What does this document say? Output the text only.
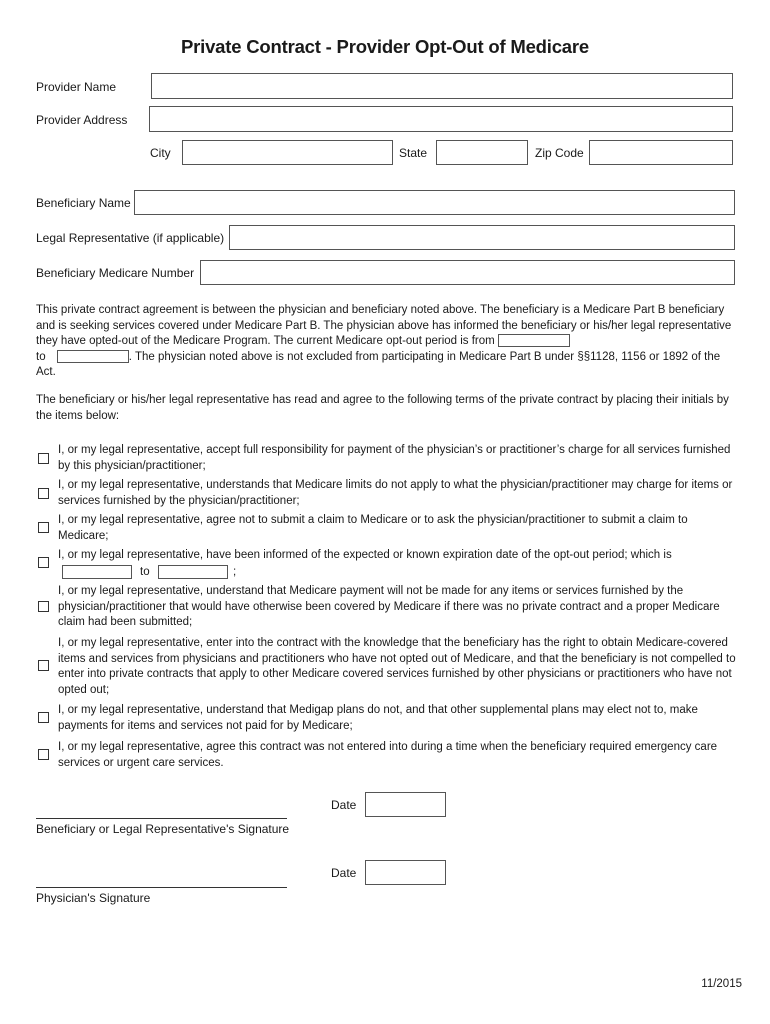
Private Contract - Provider Opt-Out of Medicare
Provider Name
Provider Address
City	State	Zip Code
Beneficiary Name
Legal Representative (if applicable)
Beneficiary Medicare Number
This private contract agreement is between the physician and beneficiary noted above. The beneficiary is a Medicare Part B beneficiary and is seeking services covered under Medicare Part B. The physician above has informed the beneficiary or his/her legal representative they have opted-out of the Medicare Program. The current Medicare opt-out period is from
to	. The physician noted above is not excluded from participating in Medicare Part B under §§1128, 1156 or 1892 of the Act.
The beneficiary or his/her legal representative has read and agree to the following terms of the private contract by placing their initials by the items below:
I, or my legal representative, accept full responsibility for payment of the physician’s or practitioner’s charge for all services furnished by this physician/practitioner;
I, or my legal representative, understands that Medicare limits do not apply to what the physician/practitioner may charge for items or services furnished by the physician/practitioner;
I, or my legal representative, agree not to submit a claim to Medicare or to ask the physician/practitioner to submit a claim to Medicare;
I, or my legal representative, have been informed of the expected or known expiration date of the opt-out period; which is
to	;
I, or my legal representative, understand that Medicare payment will not be made for any items or services furnished by the physician/practitioner that would have otherwise been covered by Medicare if there was no private contract and a proper Medicare claim had been submitted;
I, or my legal representative, enter into the contract with the knowledge that the beneficiary has the right to obtain Medicare-covered items and services from physicians and practitioners who have not opted out of Medicare, and that the beneficiary is not compelled to enter into private contracts that apply to other Medicare covered services furnished by other physicians or practitioners who have not opted out;
I, or my legal representative, understand that Medigap plans do not, and that other supplemental plans may elect not to, make payments for items and services not paid for by Medicare;
I, or my legal representative, agree this contract was not entered into during a time when the beneficiary required emergency care services or urgent care services.
Date
Beneficiary or Legal Representative's Signature
Date
Physician's Signature
11/2015
